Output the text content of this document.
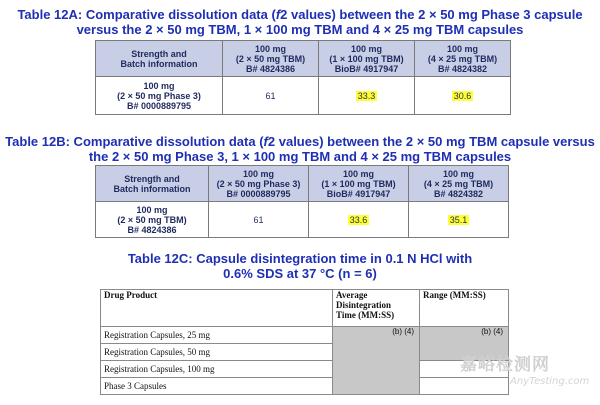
Table 12A: Comparative dissolution data (f2 values) between the 2 × 50 mg Phase 3 capsule versus the 2 × 50 mg TBM, 1 × 100 mg TBM and 4 × 25 mg TBM capsules
Strength and
Batch information	100 mg
(2 × 50 mg TBM)
B# 4824386	100 mg
(1 × 100 mg TBM)
BioB# 4917947	100 mg
(4 × 25 mg TBM)
B# 4824382
100 mg
(2 × 50 mg Phase 3)
B# 0000889795	61	33.3	30.6
Table 12B: Comparative dissolution data (f2 values) between the 2 × 50 mg TBM capsule versus the 2 × 50 mg Phase 3, 1 × 100 mg TBM and 4 × 25 mg TBM capsules
Strength and
Batch information	100 mg
(2 × 50 mg Phase 3)
B# 0000889795	100 mg
(1 × 100 mg TBM)
BioB# 4917947	100 mg
(4 × 25 mg TBM)
B# 4824382
100 mg
(2 × 50 mg TBM)
B# 4824386	61	33.6	35.1
Table 12C: Capsule disintegration time in 0.1 N HCl with
0.6% SDS at 37 °C (n = 6)
Drug Product	Average
Disintegration
Time (MM:SS)	Range (MM:SS)
Registration Capsules, 25 mg	(b) (4)	(b) (4)

Registration Capsules, 50 mg		
Registration Capsules, 100 mg		
Phase 3 Capsules		
嘉峪检测网
AnyTesting.com
